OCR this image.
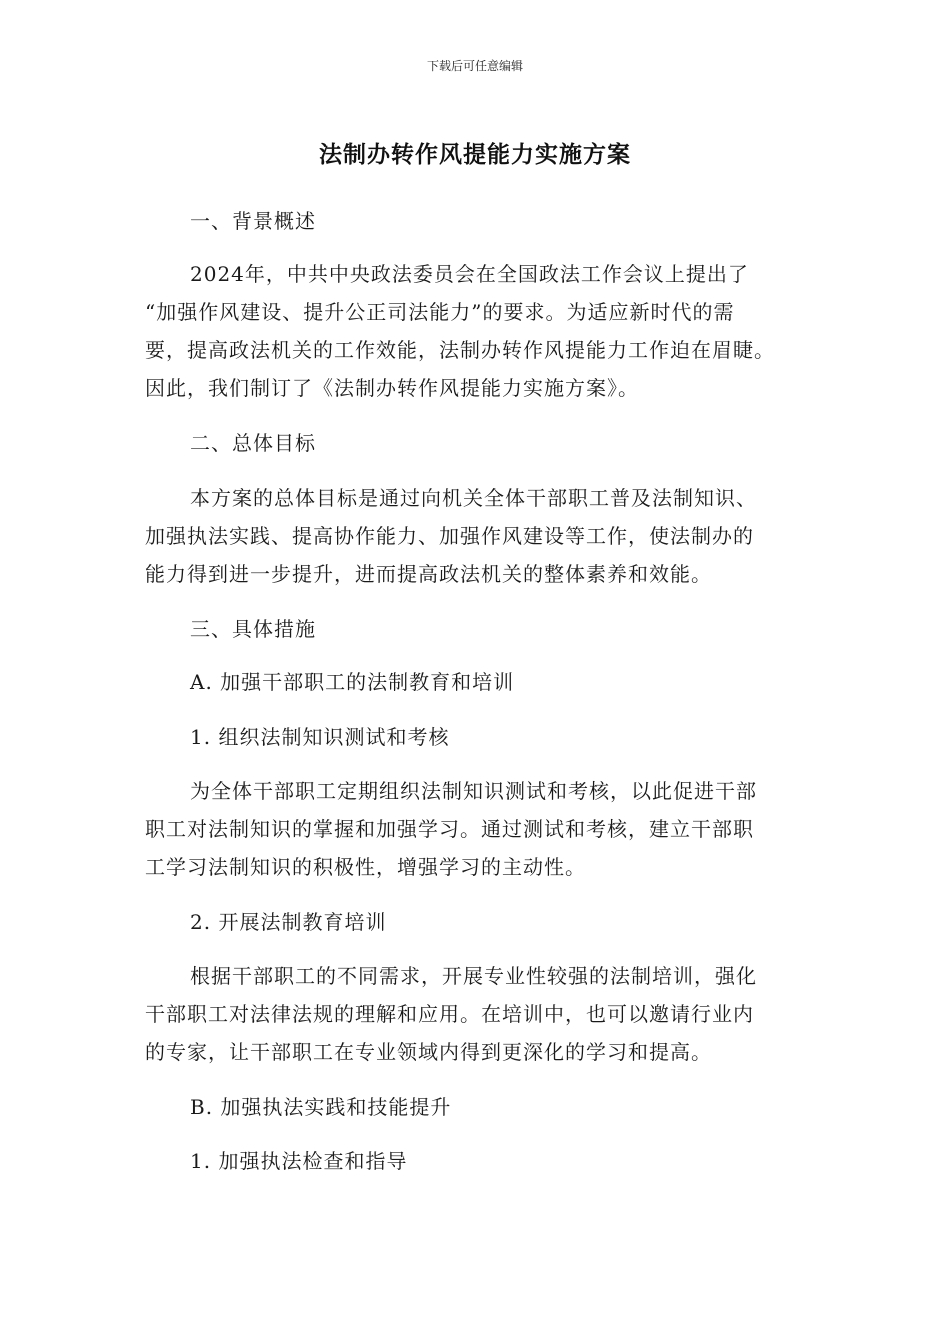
下载后可任意编辑
法制办转作风提能力实施方案
一、背景概述
2024年，中共中央政法委员会在全国政法工作会议上提出了
“加强作风建设、提升公正司法能力”的要求。为适应新时代的需
要，提高政法机关的工作效能，法制办转作风提能力工作迫在眉睫。
因此，我们制订了《法制办转作风提能力实施方案》。
二、总体目标
本方案的总体目标是通过向机关全体干部职工普及法制知识、
加强执法实践、提高协作能力、加强作风建设等工作，使法制办的
能力得到进一步提升，进而提高政法机关的整体素养和效能。
三、具体措施
A. 加强干部职工的法制教育和培训
1. 组织法制知识测试和考核
为全体干部职工定期组织法制知识测试和考核，以此促进干部
职工对法制知识的掌握和加强学习。通过测试和考核，建立干部职
工学习法制知识的积极性，增强学习的主动性。
2. 开展法制教育培训
根据干部职工的不同需求，开展专业性较强的法制培训，强化
干部职工对法律法规的理解和应用。在培训中，也可以邀请行业内
的专家，让干部职工在专业领域内得到更深化的学习和提高。
B. 加强执法实践和技能提升
1. 加强执法检查和指导
